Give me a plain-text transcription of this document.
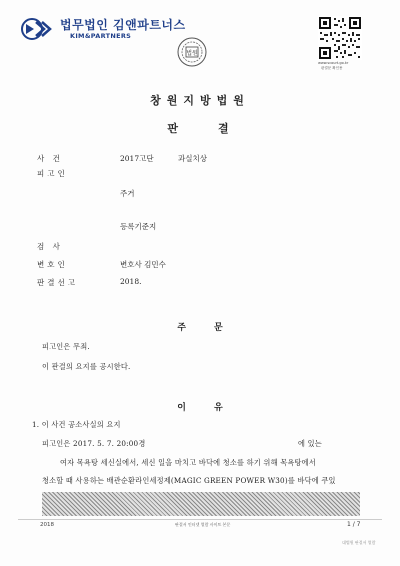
법무법인 김앤파트너스
KIM&PARTNERS
법원
www.scourt.go.kr
판결문 확인용
창원지방법원
판	결
사 건	2017고단	과실치상
피고인
주거
등록기준지
검 사
변호인	변호사 김민수
판결선고	2018.
주	문
피고인은 무죄.
이 판결의 요지를 공시한다.
이	유
1. 이 사건 공소사실의 요지
피고인은 2017. 5. 7. 20:00경	에 있는
여자 목욕탕 세신실에서, 세신 일을 마치고 바닥에 청소를 하기 위해 목욕탕에서
청소할 때 사용하는 배관순환라인세정제(MAGIC GREEN POWER W30)를 바닥에 쿠있
2018	판결서 인터넷 열람 사이트 본문	1 / 7
대법원 판결서 열람
